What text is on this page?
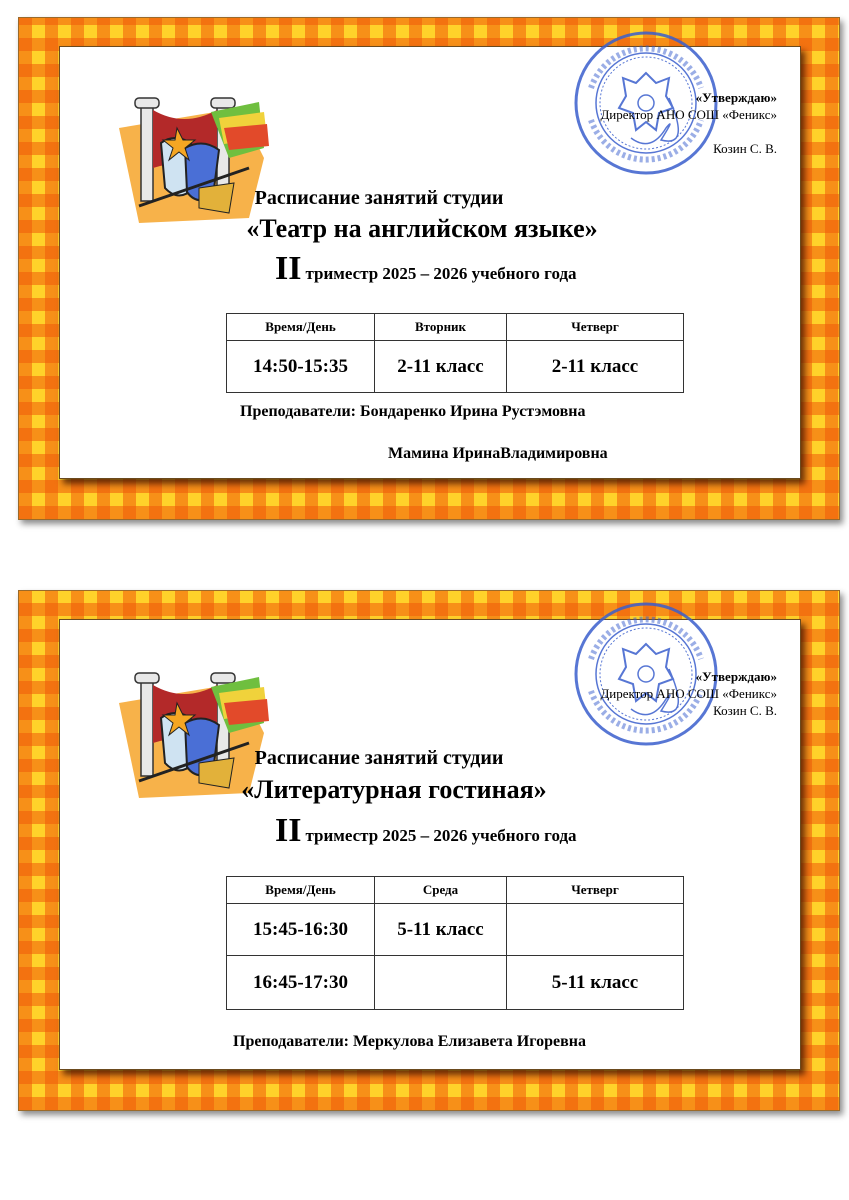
«Утверждаю»
Директор АНО СОШ «Феникс»
Козин С. В.
Расписание занятий студии
«Театр на английском языке»
II триместр 2025 – 2026 учебного года
Время/День	Вторник	Четверг
14:50-15:35	2-11 класс	2-11 класс
Преподаватели: Бондаренко Ирина Рустэмовна
Мамина ИринаВладимировна
«Утверждаю»
Директор АНО СОШ «Феникс»
Козин С. В.
Расписание занятий студии
«Литературная гостиная»
II триместр 2025 – 2026 учебного года
Время/День	Среда	Четверг
15:45-16:30	5-11 класс	
16:45-17:30		5-11 класс
Преподаватели: Меркулова Елизавета Игоревна
